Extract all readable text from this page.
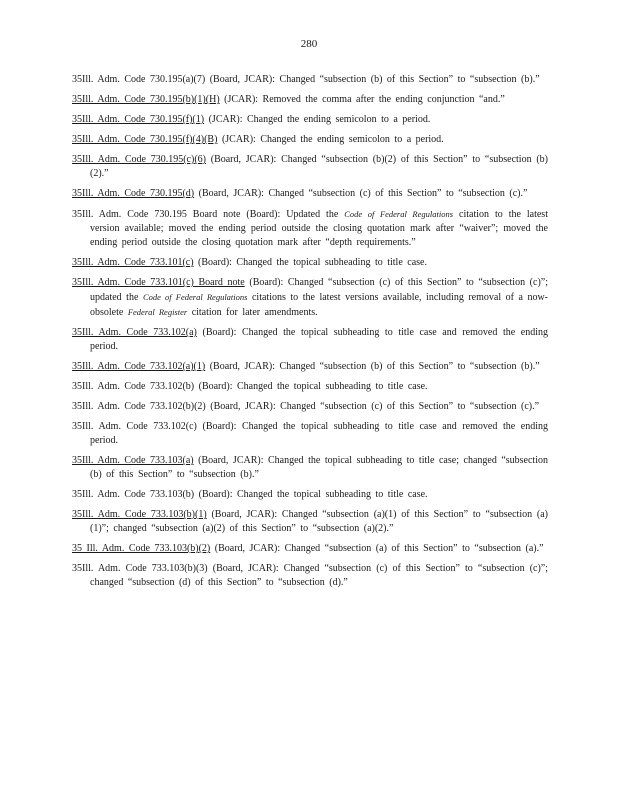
280

35Ill. Adm. Code 730.195(a)(7) (Board, JCAR): Changed “subsection (b) of this Section” to “subsection (b).”

35Ill. Adm. Code 730.195(b)(1)(H) (JCAR): Removed the comma after the ending conjunction “and.”

35Ill. Adm. Code 730.195(f)(1) (JCAR): Changed the ending semicolon to a period.

35Ill. Adm. Code 730.195(f)(4)(B) (JCAR): Changed the ending semicolon to a period.

35Ill. Adm. Code 730.195(c)(6) (Board, JCAR): Changed “subsection (b)(2) of this Section” to “subsection (b)(2).”

35Ill. Adm. Code 730.195(d) (Board, JCAR): Changed “subsection (c) of this Section” to “subsection (c).”

35Ill. Adm. Code 730.195 Board note (Board): Updated the Code of Federal Regulations citation to the latest version available; moved the ending period outside the closing quotation mark after “waiver”; moved the ending period outside the closing quotation mark after “depth requirements.”

35Ill. Adm. Code 733.101(c) (Board): Changed the topical subheading to title case.

35Ill. Adm. Code 733.101(c) Board note (Board): Changed “subsection (c) of this Section” to “subsection (c)”; updated the Code of Federal Regulations citations to the latest versions available, including removal of a now-obsolete Federal Register citation for later amendments.

35Ill. Adm. Code 733.102(a) (Board): Changed the topical subheading to title case and removed the ending period.

35Ill. Adm. Code 733.102(a)(1) (Board, JCAR): Changed “subsection (b) of this Section” to “subsection (b).”

35Ill. Adm. Code 733.102(b) (Board): Changed the topical subheading to title case.

35Ill. Adm. Code 733.102(b)(2) (Board, JCAR): Changed “subsection (c) of this Section” to “subsection (c).”

35Ill. Adm. Code 733.102(c) (Board): Changed the topical subheading to title case and removed the ending period.

35Ill. Adm. Code 733.103(a) (Board, JCAR): Changed the topical subheading to title case; changed “subsection (b) of this Section” to “subsection (b).”

35Ill. Adm. Code 733.103(b) (Board): Changed the topical subheading to title case.

35Ill. Adm. Code 733.103(b)(1) (Board, JCAR): Changed “subsection (a)(1) of this Section” to “subsection (a)(1)”; changed “subsection (a)(2) of this Section” to “subsection (a)(2).”

35 Ill. Adm. Code 733.103(b)(2) (Board, JCAR): Changed “subsection (a) of this Section” to “subsection (a).”

35Ill. Adm. Code 733.103(b)(3) (Board, JCAR): Changed “subsection (c) of this Section” to “subsection (c)”; changed “subsection (d) of this Section” to “subsection (d).”
